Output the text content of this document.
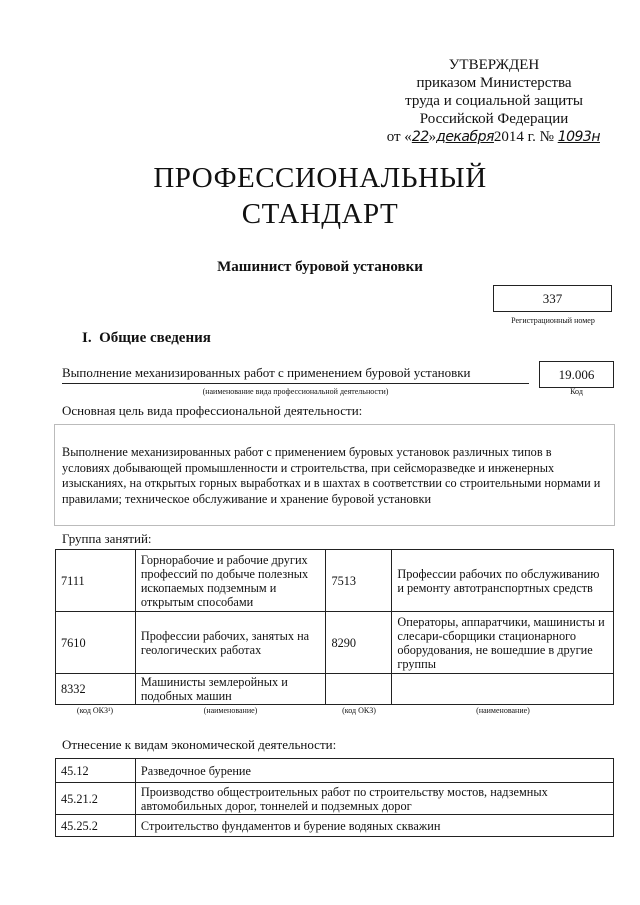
УТВЕРЖДЕН
приказом Министерства
труда и социальной защиты
Российской Федерации
от «22»декабря2014 г. № 1093н
ПРОФЕССИОНАЛЬНЫЙ
СТАНДАРТ
Машинист буровой установки
337
Регистрационный номер
I. Общие сведения
Выполнение механизированных работ с применением буровой установки	19.006
(наименование вида профессиональной деятельности)	Код
Основная цель вида профессиональной деятельности:
Выполнение механизированных работ с применением буровых установок различных типов в условиях добывающей промышленности и строительства, при сейсморазведке и инженерных изысканиях, на открытых горных выработках и в шахтах в соответствии со строительными нормами и правилами; техническое обслуживание и хранение буровой установки
Группа занятий:
7111	Горнорабочие и рабочие других профессий по добыче полезных ископаемых подземным и открытым способами	7513	Профессии рабочих по обслуживанию и ремонту автотранспортных средств
7610	Профессии рабочих, занятых на геологических работах	8290	Операторы, аппаратчики, машинисты и слесари-сборщики стационарного оборудования, не вошедшие в другие группы
8332	Машинисты землеройных и подобных машин		
(код ОКЗ¹)	(наименование)	(код ОКЗ)	(наименование)
Отнесение к видам экономической деятельности:
45.12	Разведочное бурение
45.21.2	Производство общестроительных работ по строительству мостов, надземных автомобильных дорог, тоннелей и подземных дорог
45.25.2	Строительство фундаментов и бурение водяных скважин
